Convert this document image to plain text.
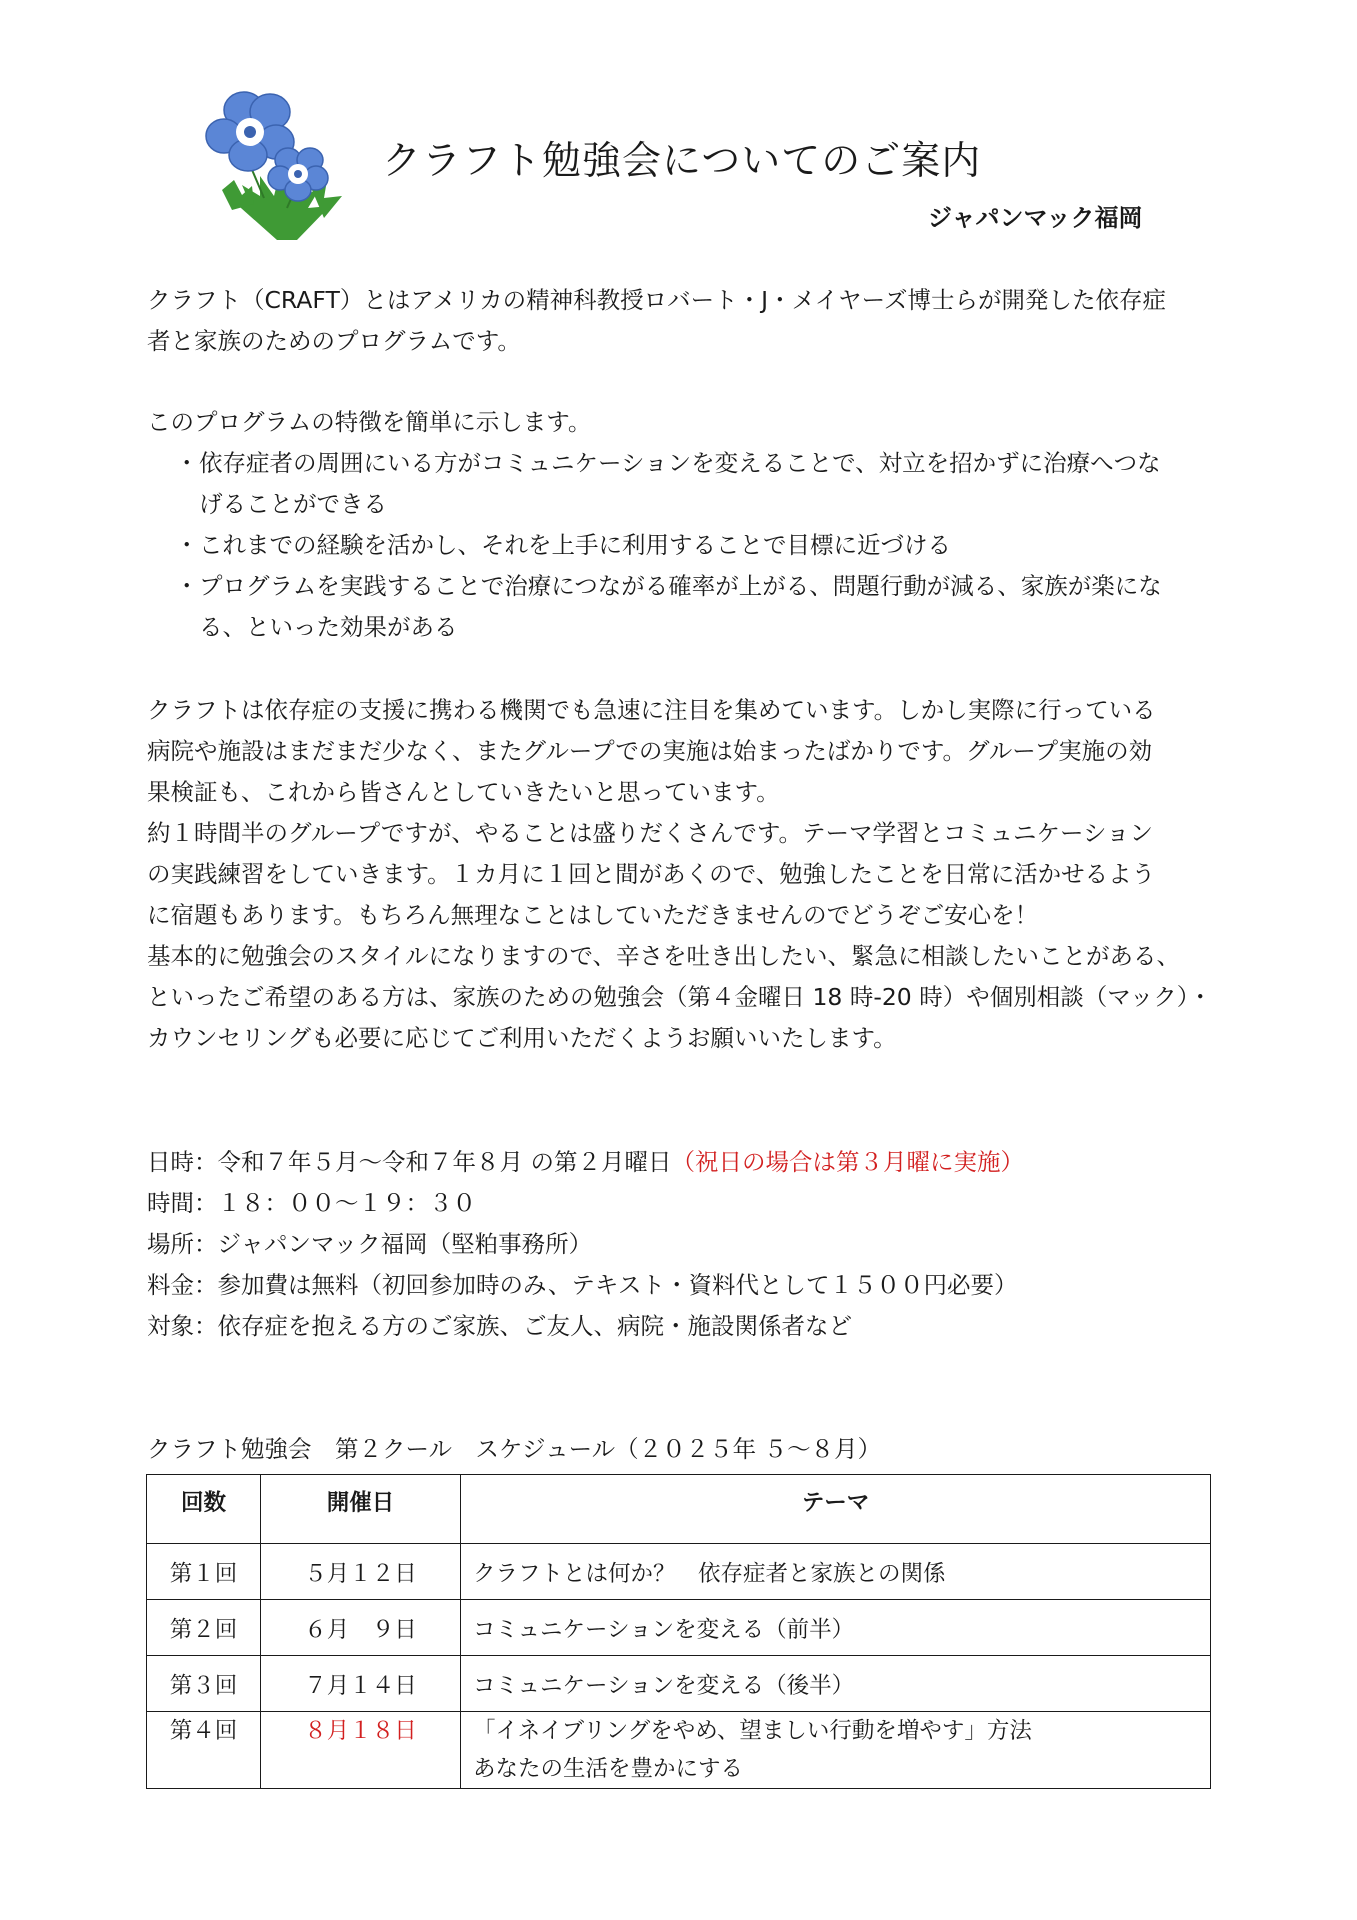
クラフト勉強会についてのご案内
ジャパンマック福岡

クラフト（CRAFT）とはアメリカの精神科教授ロバート・J・メイヤーズ博士らが開発した依存症

者と家族のためのプログラムです。

このプログラムの特徴を簡単に示します。

・ 依存症者の周囲にいる方がコミュニケーションを変えることで、対立を招かずに治療へつな

げることができる

・ これまでの経験を活かし、それを上手に利用することで目標に近づける

・ プログラムを実践することで治療につながる確率が上がる、問題行動が減る、家族が楽にな

る、といった効果がある

クラフトは依存症の支援に携わる機関でも急速に注目を集めています。しかし実際に行っている

病院や施設はまだまだ少なく、またグループでの実施は始まったばかりです。グループ実施の効

果検証も、これから皆さんとしていきたいと思っています。

約１時間半のグループですが、やることは盛りだくさんです。テーマ学習とコミュニケーション

の実践練習をしていきます。１カ月に１回と間があくので、勉強したことを日常に活かせるよう

に宿題もあります。もちろん無理なことはしていただきませんのでどうぞご安心を！

基本的に勉強会のスタイルになりますので、辛さを吐き出したい、緊急に相談したいことがある、

といったご希望のある方は、家族のための勉強会（第４金曜日 18 時-20 時）や個別相談（マック）・

カウンセリングも必要に応じてご利用いただくようお願いいたします。

日時：令和７年５月～令和７年８月 の第２月曜日（祝日の場合は第３月曜に実施）

時間：１８：００～１９：３０

場所：ジャパンマック福岡（堅粕事務所）

料金：参加費は無料（初回参加時のみ、テキスト・資料代として１５００円必要）

対象：依存症を抱える方のご家族、ご友人、病院・施設関係者など

クラフト勉強会　第２クール　スケジュール（２０２５年 ５～８月）

回数	開催日	テーマ
第１回	５月１２日	クラフトとは何か？　依存症者と家族との関係
第２回	６月　９日	コミュニケーションを変える（前半）
第３回	７月１４日	コミュニケーションを変える（後半）
第４回	８月１８日	「イネイブリングをやめ、望ましい行動を増やす」方法
あなたの生活を豊かにする
